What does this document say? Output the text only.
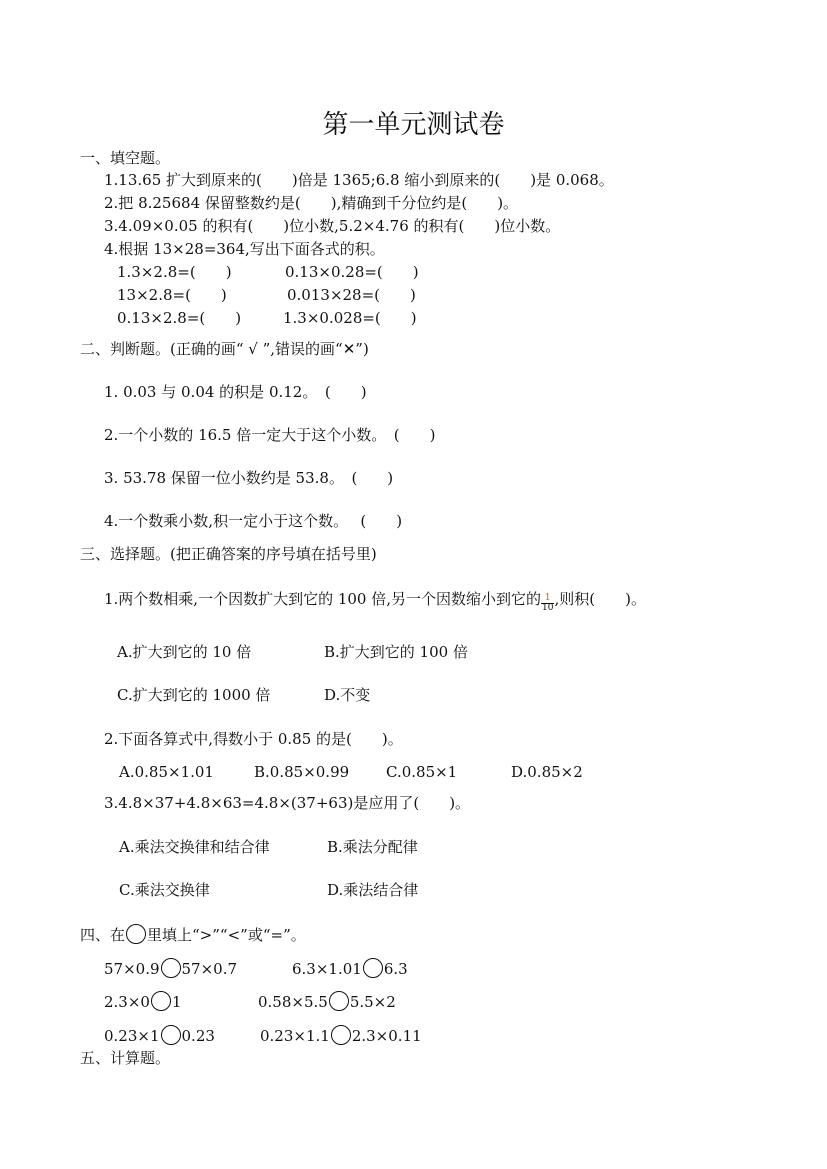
第一单元测试卷
一、填空题。
1.13.65 扩大到原来的(　　)倍是 1365;6.8 缩小到原来的(　　)是 0.068。
2.把 8.25684 保留整数约是(　　),精确到千分位约是(　　)。
3.4.09×0.05 的积有(　　)位小数,5.2×4.76 的积有(　　)位小数。
4.根据 13×28=364,写出下面各式的积。
1.3×2.8=(　　)	0.13×0.28=(　　)
13×2.8=(　　)	0.013×28=(　　)
0.13×2.8=(　　)	1.3×0.028=(　　)
二、判断题。(正确的画“ √ ”,错误的画“✕”)
1. 0.03 与 0.04 的积是 0.12。　(　　)
2.一个小数的 16.5 倍一定大于这个小数。　(　　)
3. 53.78 保留一位小数约是 53.8。　(　　)
4.一个数乘小数,积一定小于这个数。　 (　　)
三、选择题。(把正确答案的序号填在括号里)
1.两个数相乘,一个因数扩大到它的 100 倍,另一个因数缩小到它的 $\frac{1}{10}$ ,则积(　　)。
A.扩大到它的 10 倍	B.扩大到它的 100 倍
C.扩大到它的 1000 倍	D.不变
2.下面各算式中,得数小于 0.85 的是(　　)。
A.0.85×1.01	B.0.85×0.99 C.0.85×1	D.0.85×2
3.4.8×37+4.8×63=4.8×(37+63)是应用了(　　)。
A.乘法交换律和结合律	B.乘法分配律
C.乘法交换律	D.乘法结合律
四、在 里填上“>”“<”或“=”。
57×0.9 57×0.7	6.3×1.01 6.3
2.3×0 1	0.58×5.5 5.5×2
0.23×1 0.23	0.23×1.1 2.3×0.11
五、计算题。
